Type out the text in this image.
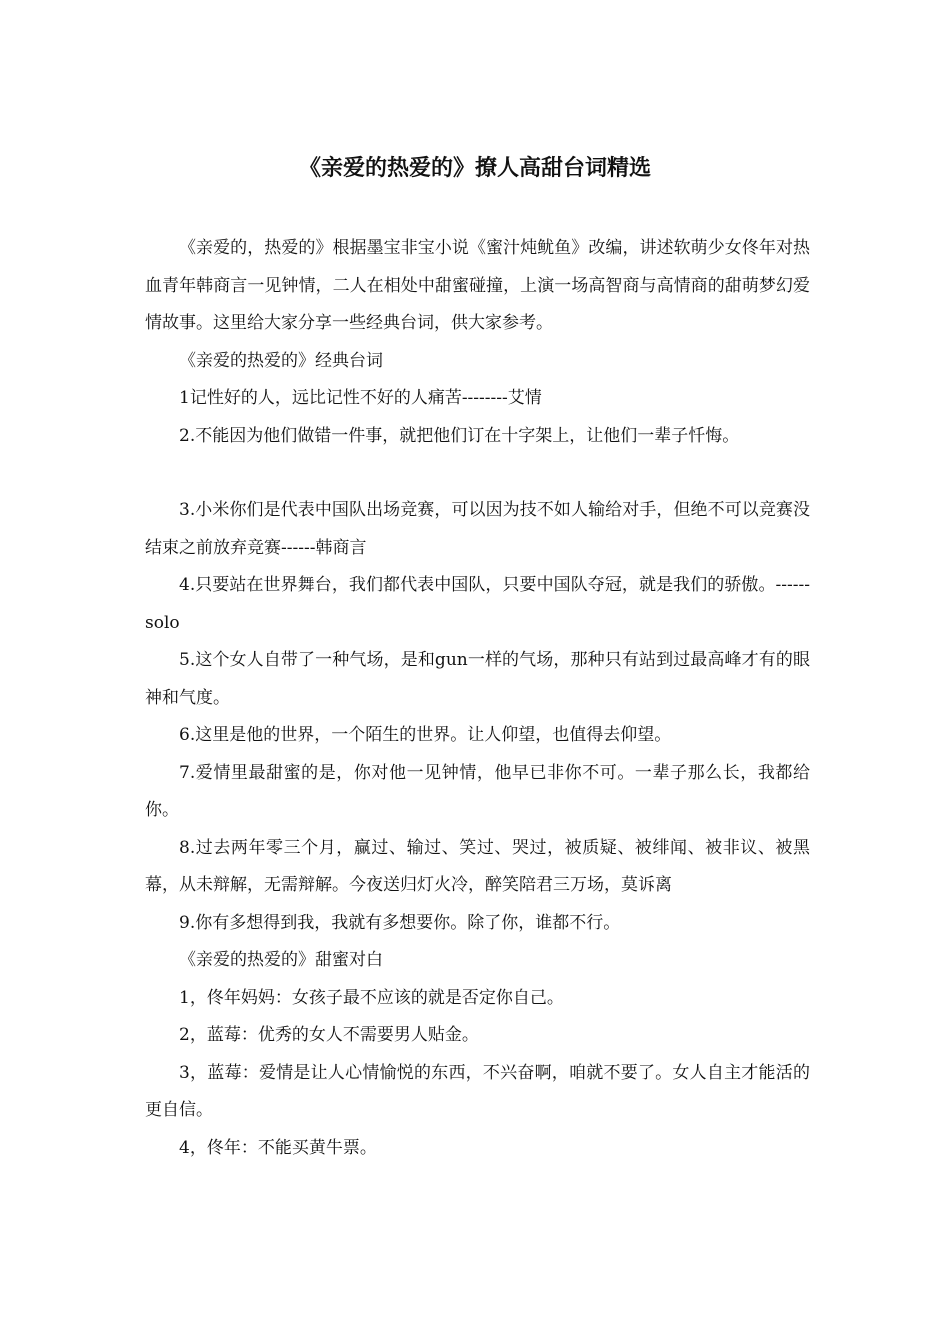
《亲爱的热爱的》撩人高甜台词精选

《亲爱的，热爱的》根据墨宝非宝小说《蜜汁炖鱿鱼》改编，讲述软萌少女佟年对热血青年韩商言一见钟情，二人在相处中甜蜜碰撞，上演一场高智商与高情商的甜萌梦幻爱情故事。这里给大家分享一些经典台词，供大家参考。

《亲爱的热爱的》经典台词

1记性好的人，远比记性不好的人痛苦--------艾情

2.不能因为他们做错一件事，就把他们订在十字架上，让他们一辈子忏悔。

3.小米你们是代表中国队出场竞赛，可以因为技不如人输给对手，但绝不可以竞赛没结束之前放弃竞赛------韩商言

4.只要站在世界舞台，我们都代表中国队，只要中国队夺冠，就是我们的骄傲。------solo

5.这个女人自带了一种气场，是和gun一样的气场，那种只有站到过最高峰才有的眼神和气度。

6.这里是他的世界，一个陌生的世界。让人仰望，也值得去仰望。

7.爱情里最甜蜜的是，你对他一见钟情，他早已非你不可。一辈子那么长，我都给你。

8.过去两年零三个月，赢过、输过、笑过、哭过，被质疑、被绯闻、被非议、被黑幕，从未辩解，无需辩解。今夜送归灯火冷，醉笑陪君三万场，莫诉离

9.你有多想得到我，我就有多想要你。除了你，谁都不行。

《亲爱的热爱的》甜蜜对白

1，佟年妈妈：女孩子最不应该的就是否定你自己。

2，蓝莓：优秀的女人不需要男人贴金。

3，蓝莓：爱情是让人心情愉悦的东西，不兴奋啊，咱就不要了。女人自主才能活的更自信。

4，佟年：不能买黄牛票。
